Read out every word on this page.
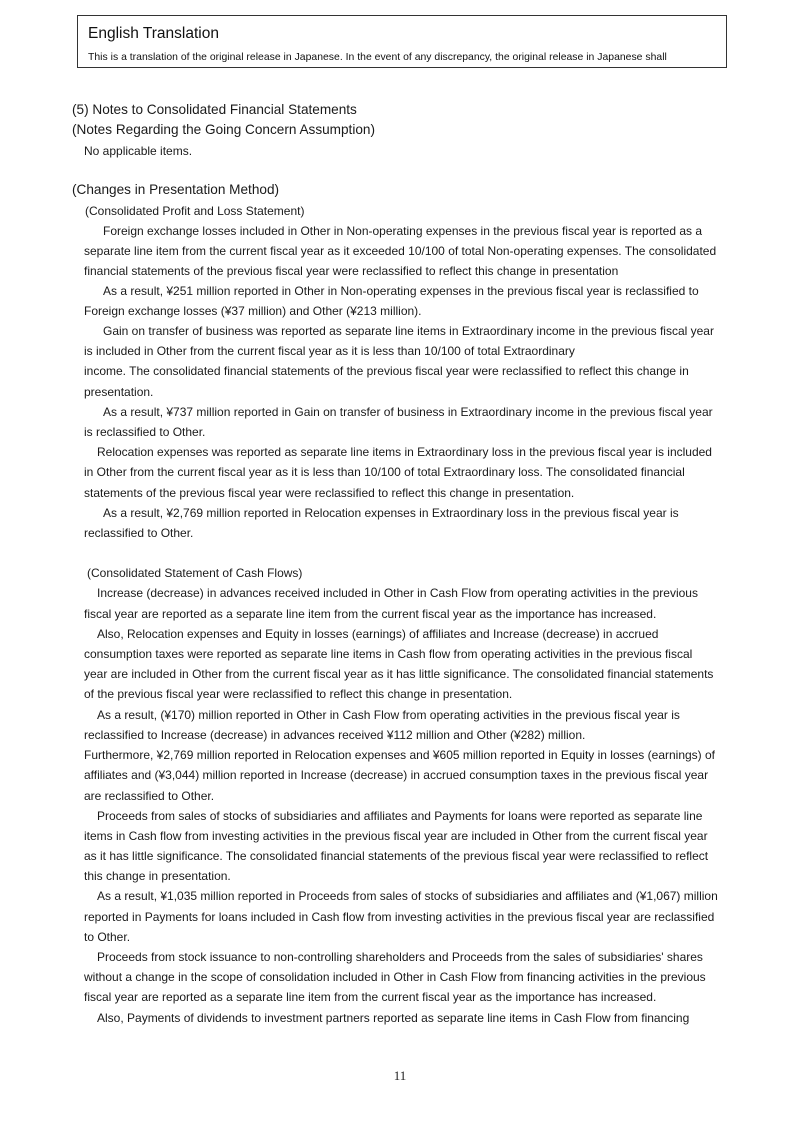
English Translation
This is a translation of the original release in Japanese. In the event of any discrepancy, the original release in Japanese shall
(5) Notes to Consolidated Financial Statements
(Notes Regarding the Going Concern Assumption)
No applicable items.
(Changes in Presentation Method)
(Consolidated Profit and Loss Statement)
Foreign exchange losses included in Other in Non-operating expenses in the previous fiscal year is reported as a
separate line item from the current fiscal year as it exceeded 10/100 of total Non-operating expenses. The consolidated
financial statements of the previous fiscal year were reclassified to reflect this change in presentation
As a result, ¥251 million reported in Other in Non-operating expenses in the previous fiscal year is reclassified to
Foreign exchange losses (¥37 million) and Other (¥213 million).
Gain on transfer of business was reported as separate line items in Extraordinary income in the previous fiscal year
is included in Other from the current fiscal year as it is less than 10/100 of total Extraordinary
income. The consolidated financial statements of the previous fiscal year were reclassified to reflect this change in
presentation.
As a result, ¥737 million reported in Gain on transfer of business in Extraordinary income in the previous fiscal year
is reclassified to Other.
Relocation expenses was reported as separate line items in Extraordinary loss in the previous fiscal year is included
in Other from the current fiscal year as it is less than 10/100 of total Extraordinary loss. The consolidated financial
statements of the previous fiscal year were reclassified to reflect this change in presentation.
As a result, ¥2,769 million reported in Relocation expenses in Extraordinary loss in the previous fiscal year is
reclassified to Other.
(Consolidated Statement of Cash Flows)
Increase (decrease) in advances received included in Other in Cash Flow from operating activities in the previous
fiscal year are reported as a separate line item from the current fiscal year as the importance has increased.
Also, Relocation expenses and Equity in losses (earnings) of affiliates and Increase (decrease) in accrued
consumption taxes were reported as separate line items in Cash flow from operating activities in the previous fiscal
year are included in Other from the current fiscal year as it has little significance. The consolidated financial statements
of the previous fiscal year were reclassified to reflect this change in presentation.
As a result, (¥170) million reported in Other in Cash Flow from operating activities in the previous fiscal year is
reclassified to Increase (decrease) in advances received ¥112 million and Other (¥282) million.
Furthermore, ¥2,769 million reported in Relocation expenses and ¥605 million reported in Equity in losses (earnings) of
affiliates and (¥3,044) million reported in Increase (decrease) in accrued consumption taxes in the previous fiscal year
are reclassified to Other.
Proceeds from sales of stocks of subsidiaries and affiliates and Payments for loans were reported as separate line
items in Cash flow from investing activities in the previous fiscal year are included in Other from the current fiscal year
as it has little significance. The consolidated financial statements of the previous fiscal year were reclassified to reflect
this change in presentation.
As a result, ¥1,035 million reported in Proceeds from sales of stocks of subsidiaries and affiliates and (¥1,067) million
reported in Payments for loans included in Cash flow from investing activities in the previous fiscal year are reclassified
to Other.
Proceeds from stock issuance to non-controlling shareholders and Proceeds from the sales of subsidiaries' shares
without a change in the scope of consolidation included in Other in Cash Flow from financing activities in the previous
fiscal year are reported as a separate line item from the current fiscal year as the importance has increased.
Also, Payments of dividends to investment partners reported as separate line items in Cash Flow from financing
11
